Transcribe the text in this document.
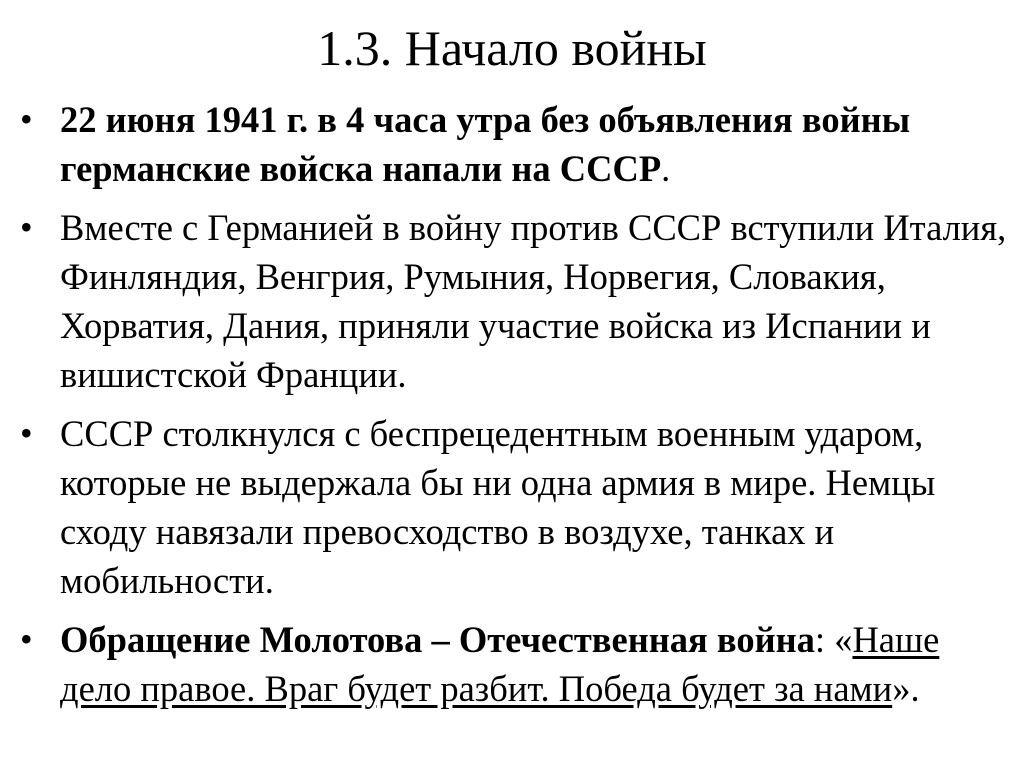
1.3. Начало войны
• 22 июня 1941 г. в 4 часа утра без объявления войны германские войска напали на СССР.
• Вместе с Германией в войну против СССР вступили Италия, Финляндия, Венгрия, Румыния, Норвегия, Словакия, Хорватия, Дания, приняли участие войска из Испании и вишистской Франции.
• СССР столкнулся с беспрецедентным военным ударом, которые не выдержала бы ни одна армия в мире. Немцы сходу навязали превосходство в воздухе, танках и мобильности.
• Обращение Молотова – Отечественная война: «Наше дело правое. Враг будет разбит. Победа будет за нами».
